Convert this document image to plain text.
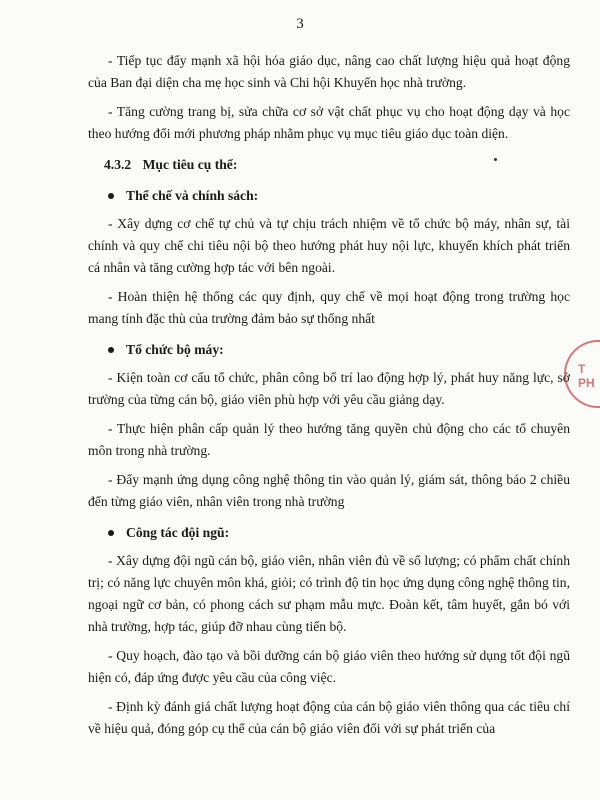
3
T
PH

- Tiếp tục đẩy mạnh xã hội hóa giáo dục, nâng cao chất lượng hiệu quả hoạt động của Ban đại diện cha mẹ học sinh và Chi hội Khuyến học nhà trường.

- Tăng cường trang bị, sửa chữa cơ sở vật chất phục vụ cho hoạt động dạy và học theo hướng đổi mới phương pháp nhằm phục vụ mục tiêu giáo dục toàn diện.

4.3.2 Mục tiêu cụ thể:
Thể chế và chính sách:

- Xây dựng cơ chế tự chủ và tự chịu trách nhiệm về tổ chức bộ máy, nhân sự, tài chính và quy chế chi tiêu nội bộ theo hướng phát huy nội lực, khuyến khích phát triển cá nhân và tăng cường hợp tác với bên ngoài.

- Hoàn thiện hệ thống các quy định, quy chế về mọi hoạt động trong trường học mang tính đặc thù của trường đảm bảo sự thống nhất

Tổ chức bộ máy:

- Kiện toàn cơ cấu tổ chức, phân công bố trí lao động hợp lý, phát huy năng lực, sở trường của từng cán bộ, giáo viên phù hợp với yêu cầu giảng dạy.

- Thực hiện phân cấp quản lý theo hướng tăng quyền chủ động cho các tổ chuyên môn trong nhà trường.

- Đẩy mạnh ứng dụng công nghệ thông tin vào quản lý, giám sát, thông báo 2 chiều đến từng giáo viên, nhân viên trong nhà trường

Công tác đội ngũ:

- Xây dựng đội ngũ cán bộ, giáo viên, nhân viên đủ về số lượng; có phẩm chất chính trị; có năng lực chuyên môn khá, giỏi; có trình độ tin học ứng dụng công nghệ thông tin, ngoại ngữ cơ bản, có phong cách sư phạm mẫu mực. Đoàn kết, tâm huyết, gắn bó với nhà trường, hợp tác, giúp đỡ nhau cùng tiến bộ.

- Quy hoạch, đào tạo và bồi dưỡng cán bộ giáo viên theo hướng sử dụng tốt đội ngũ hiện có, đáp ứng được yêu cầu của công việc.

- Định kỳ đánh giá chất lượng hoạt động của cán bộ giáo viên thông qua các tiêu chí về hiệu quả, đóng góp cụ thể của cán bộ giáo viên đối với sự phát triển của
